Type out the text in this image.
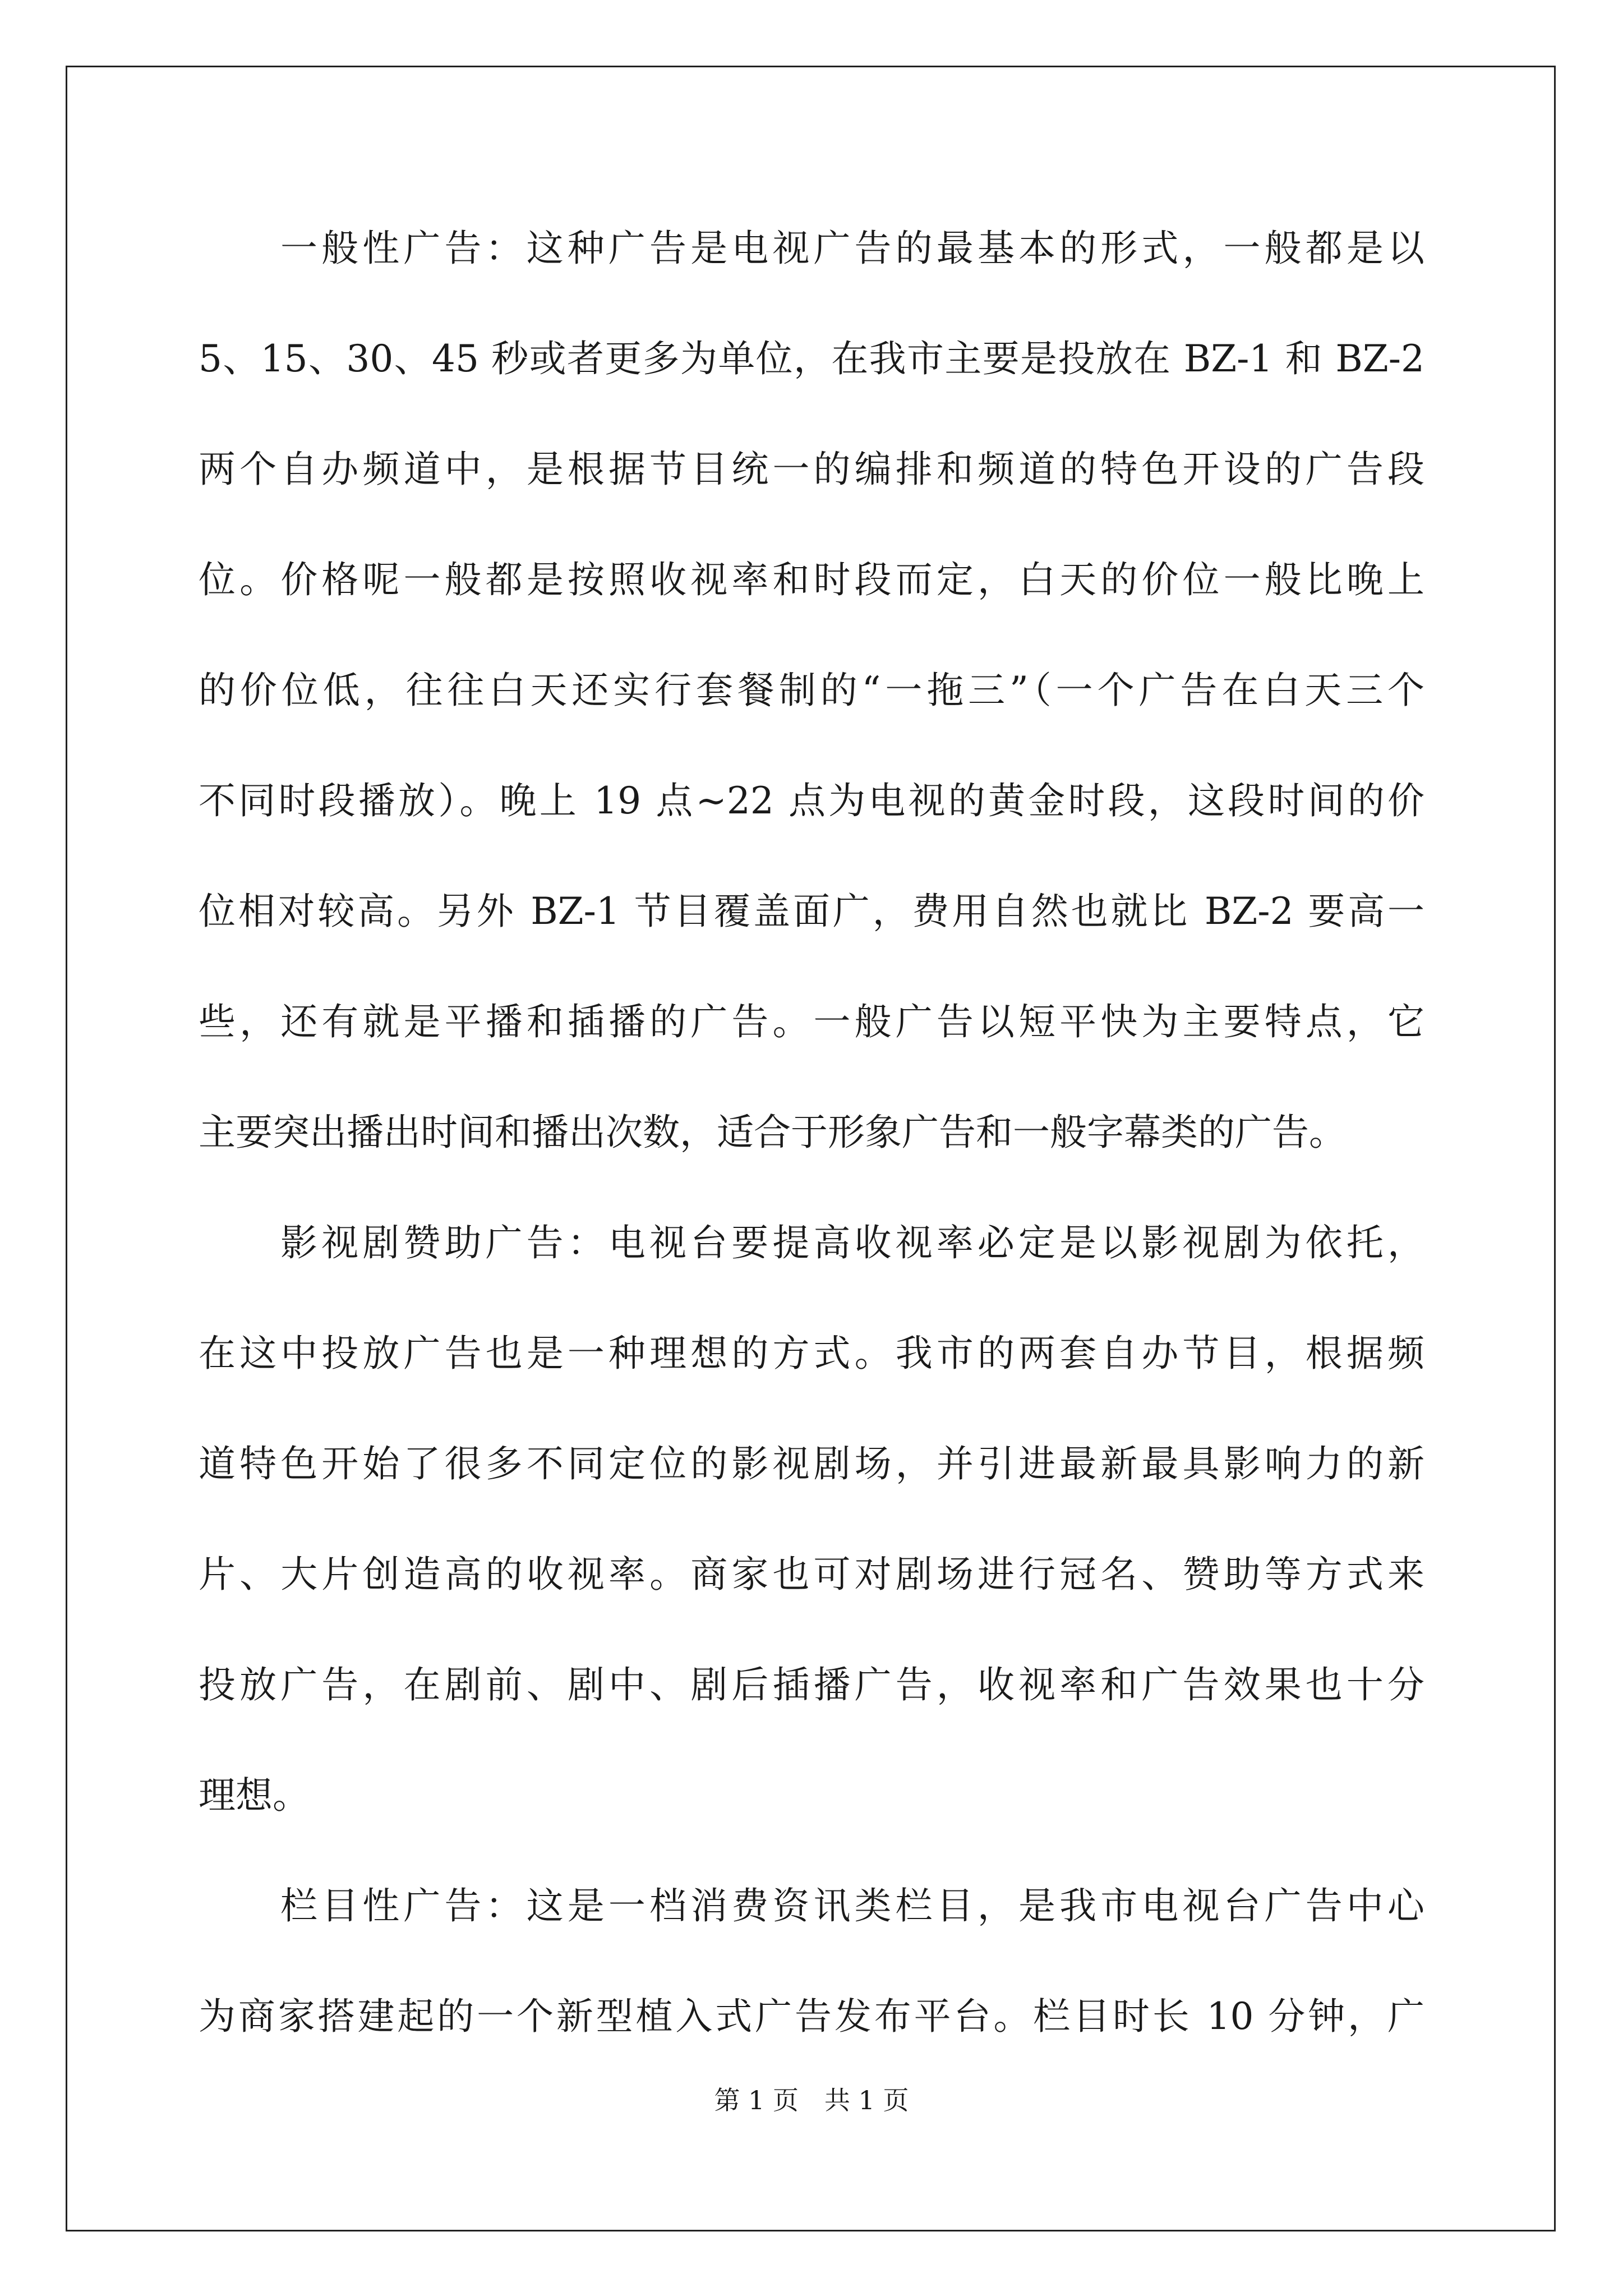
一般性广告：这种广告是电视广告的最基本的形式，一般都是以
5、15、30、45 秒或者更多为单位，在我市主要是投放在 BZ-1 和 BZ-2
两个自办频道中，是根据节目统一的编排和频道的特色开设的广告段
位。价格呢一般都是按照收视率和时段而定，白天的价位一般比晚上
的价位低，往往白天还实行套餐制的“一拖三”（一个广告在白天三个
不同时段播放）。晚上 19 点~22 点为电视的黄金时段，这段时间的价
位相对较高。另外 BZ-1 节目覆盖面广，费用自然也就比 BZ-2 要高一
些，还有就是平播和插播的广告。一般广告以短平快为主要特点，它
主要突出播出时间和播出次数，适合于形象广告和一般字幕类的广告。
影视剧赞助广告：电视台要提高收视率必定是以影视剧为依托，
在这中投放广告也是一种理想的方式。我市的两套自办节目，根据频
道特色开始了很多不同定位的影视剧场，并引进最新最具影响力的新
片、大片创造高的收视率。商家也可对剧场进行冠名、赞助等方式来
投放广告，在剧前、剧中、剧后插播广告，收视率和广告效果也十分
理想。
栏目性广告：这是一档消费资讯类栏目，是我市电视台广告中心
为商家搭建起的一个新型植入式广告发布平台。栏目时长 10 分钟，广
第 1 页　共 1 页
